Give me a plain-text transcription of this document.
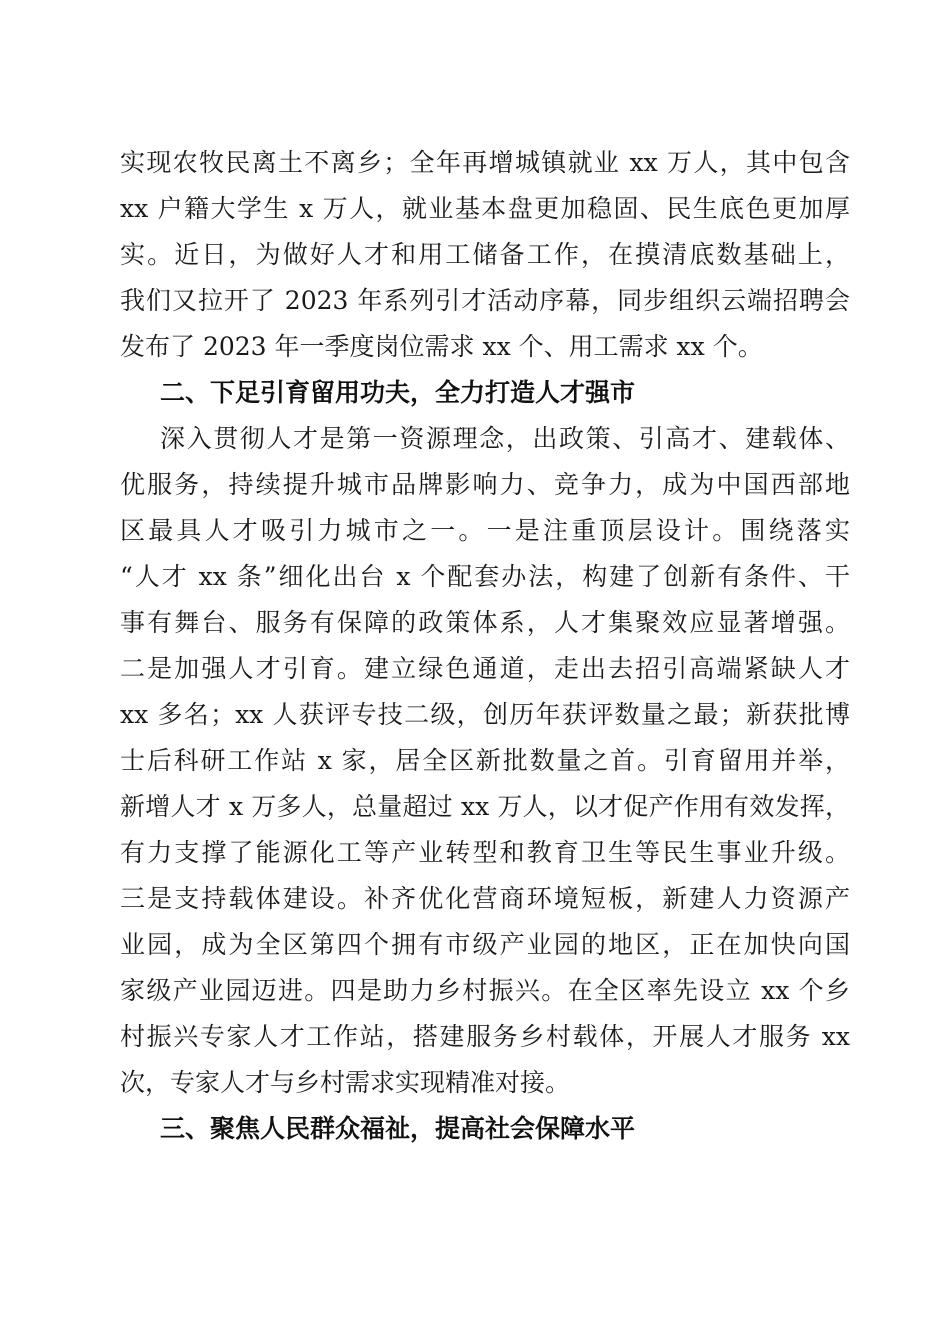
实现农牧民离土不离乡；全年再增城镇就业 xx 万人，其中包含
xx 户籍大学生 x 万人，就业基本盘更加稳固、民生底色更加厚
实。近日，为做好人才和用工储备工作，在摸清底数基础上，
我们又拉开了 2023 年系列引才活动序幕，同步组织云端招聘会
发布了 2023 年一季度岗位需求 xx 个、用工需求 xx 个。
二、下足引育留用功夫，全力打造人才强市
深入贯彻人才是第一资源理念，出政策、引高才、建载体、
优服务，持续提升城市品牌影响力、竞争力，成为中国西部地
区最具人才吸引力城市之一。一是注重顶层设计。围绕落实
“人才 xx 条”细化出台 x 个配套办法，构建了创新有条件、干
事有舞台、服务有保障的政策体系，人才集聚效应显著增强。
二是加强人才引育。建立绿色通道，走出去招引高端紧缺人才
xx 多名；xx 人获评专技二级，创历年获评数量之最；新获批博
士后科研工作站 x 家，居全区新批数量之首。引育留用并举，
新增人才 x 万多人，总量超过 xx 万人，以才促产作用有效发挥，
有力支撑了能源化工等产业转型和教育卫生等民生事业升级。
三是支持载体建设。补齐优化营商环境短板，新建人力资源产
业园，成为全区第四个拥有市级产业园的地区，正在加快向国
家级产业园迈进。四是助力乡村振兴。在全区率先设立 xx 个乡
村振兴专家人才工作站，搭建服务乡村载体，开展人才服务 xx
次，专家人才与乡村需求实现精准对接。
三、聚焦人民群众福祉，提高社会保障水平
